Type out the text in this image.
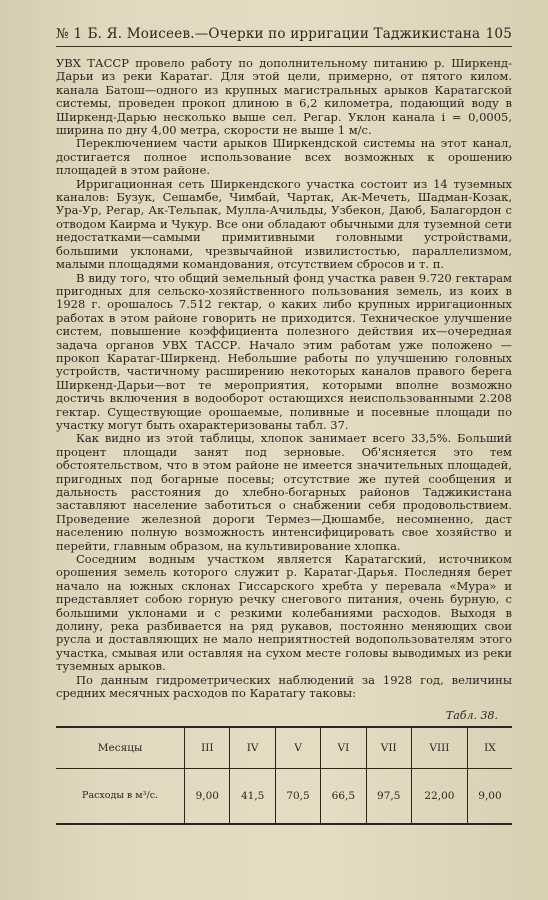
№ 1 Б. Я. Моисеев.—Очерки по ирригации Таджикистана 105

УВХ ТАССР провело работу по дополнительному питанию р. Ширкенд-Дарьи из реки Каратаг. Для этой цели, примерно, от пятого килом. канала Батош—одного из крупных магистральных арыков Каратагской системы, проведен прокоп длиною в 6,2 километра, подающий воду в Ширкенд-Дарью несколько выше сел. Регар. Уклон канала i = 0,0005, ширина по дну 4,00 метра, скорости не выше 1 м/с.

Переключением части арыков Ширкендской системы на этот канал, достигается полное использование всех возможных к орошению площадей в этом районе.

Ирригационная сеть Ширкендского участка состоит из 14 туземных каналов: Бузук, Сешамбе, Чимбай, Чартак, Ак-Мечеть, Шадман-Козак, Ура-Ур, Регар, Ак-Тельпак, Мулла-Ачильды, Узбекон, Даюб, Балагордон с отводом Каирма и Чукур. Все они обладают обычными для туземной сети недостатками—самыми примитивными головными устройствами, большими уклонами, чрезвычайной извилистостью, параллелизмом, малыми площадями командования, отсутствием сбросов и т. п.

В виду того, что общий земельный фонд участка равен 9.720 гектарам пригодных для сельско-хозяйственного пользования земель, из коих в 1928 г. орошалось 7.512 гектар, о каких либо крупных ирригационных работах в этом районе говорить не приходится. Техническое улучшение систем, повышение коэффициента полезного действия их—очередная задача органов УВХ ТАССР. Начало этим работам уже положено — прокоп Каратаг-Ширкенд. Небольшие работы по улучшению головных устройств, частичному расширению некоторых каналов правого берега Ширкенд-Дарьи—вот те мероприятия, которыми вполне возможно достичь включения в водооборот остающихся неиспользованными 2.208 гектар. Существующие орошаемые, поливные и посевные площади по участку могут быть охарактеризованы табл. 37.

Как видно из этой таблицы, хлопок занимает всего 33,5%. Больший процент площади занят под зерновые. Об'ясняется это тем обстоятельством, что в этом районе не имеется значительных площадей, пригодных под богарные посевы; отсутствие же путей сообщения и дальность расстояния до хлебно-богарных районов Таджикистана заставляют население заботиться о снабжении себя продовольствием. Проведение железной дороги Термез—Дюшамбе, несомненно, даст населению полную возможность интенсифицировать свое хозяйство и перейти, главным образом, на культивирование хлопка.

Соседним водным участком является Каратагский, источником орошения земель которого служит р. Каратаг-Дарья. Последняя берет начало на южных склонах Гиссарского хребта у перевала «Мура» и представляет собою горную речку снегового питания, очень бурную, с большими уклонами и с резкими колебаниями расходов. Выходя в долину, река разбивается на ряд рукавов, постоянно меняющих свои русла и доставляющих не мало неприятностей водопользователям этого участка, смывая или оставляя на сухом месте головы выводимых из реки туземных арыков.

По данным гидрометрических наблюдений за 1928 год, величины средних месячных расходов по Каратагу таковы:

Табл. 38.
Месяцы	III	IV	V	VI	VII	VIII	IX
Расходы в м³/с.	9,00	41,5	70,5	66,5	97,5	22,00	9,00
